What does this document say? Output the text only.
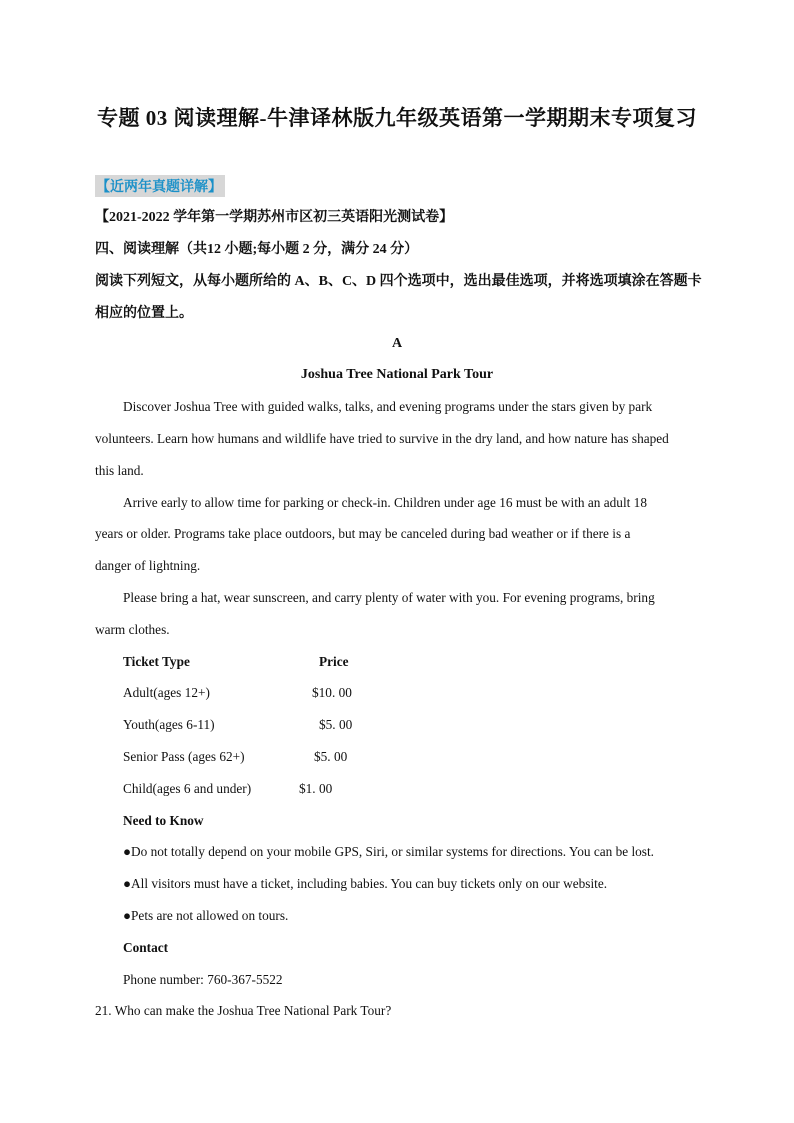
专题 03 阅读理解-牛津译林版九年级英语第一学期期末专项复习
【近两年真题详解】
【2021-2022 学年第一学期苏州市区初三英语阳光测试卷】
四、阅读理解（共12 小题;每小题 2 分，满分 24 分）
阅读下列短文，从每小题所给的 A、B、C、D 四个选项中，选出最佳选项，并将选项填涂在答题卡
相应的位置上。
A
Joshua Tree National Park Tour
Discover Joshua Tree with guided walks, talks, and evening programs under the stars given by park
volunteers. Learn how humans and wildlife have tried to survive in the dry land, and how nature has shaped
this land.
Arrive early to allow time for parking or check-in. Children under age 16 must be with an adult 18
years or older. Programs take place outdoors, but may be canceled during bad weather or if there is a
danger of lightning.
Please bring a hat, wear sunscreen, and carry plenty of water with you. For evening programs, bring
warm clothes.
Ticket Type	Price
Adult(ages 12+)	$10. 00
Youth(ages 6-11)	$5. 00
Senior Pass (ages 62+)	$5. 00
Child(ages 6 and under)	$1. 00
Need to Know
●Do not totally depend on your mobile GPS, Siri, or similar systems for directions. You can be lost.
●All visitors must have a ticket, including babies. You can buy tickets only on our website.
●Pets are not allowed on tours.
Contact
Phone number: 760-367-5522
21. Who can make the Joshua Tree National Park Tour?
